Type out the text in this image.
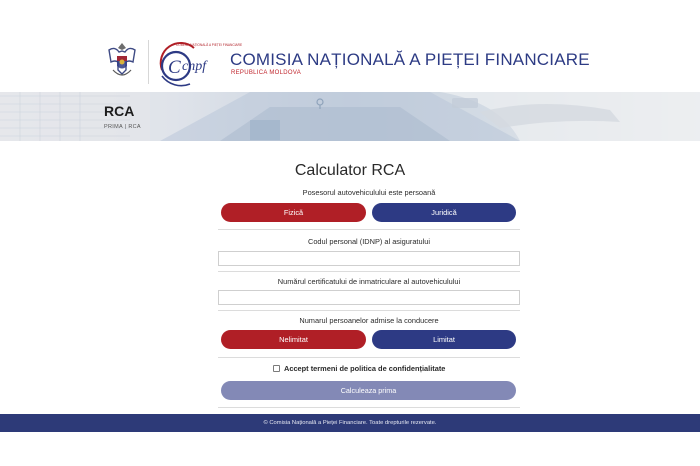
C cnpf
COMISIA NAȚIONALĂ A PIEȚEI FINANCIARE
COMISIA NAȚIONALĂ A PIEȚEI FINANCIARE
REPUBLICA MOLDOVA
RCA
PRIMA | RCA
Calculator RCA
Posesorul autovehiculului este persoană
Fizică	Juridică
Codul personal (IDNP) al asiguratului
Numărul certificatului de inmatriculare al autovehiculului
Numarul persoanelor admise la conducere
Nelimitat	Limitat
Accept termeni de politica de confidențialitate
Calculeaza prima
© Comisia Națională a Pieței Financiare. Toate drepturile rezervate.
